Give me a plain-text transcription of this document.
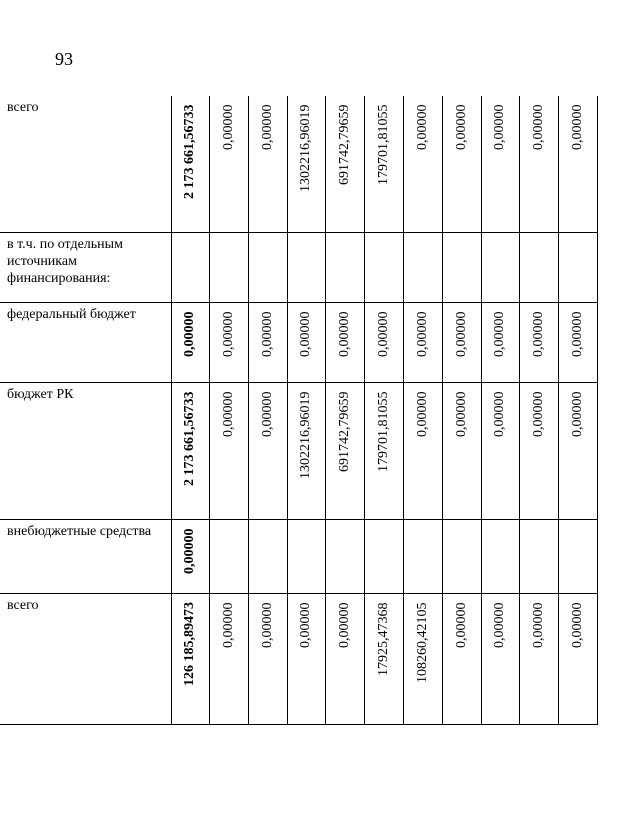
93
всего	2 173 661,56733	0,00000	0,00000	1302216,96019	691742,79659	179701,81055	0,00000	0,00000	0,00000	0,00000	0,00000

в т.ч. по отдельным источникам финансирования:	

федеральный бюджет	0,00000	0,00000	0,00000	0,00000	0,00000	0,00000	0,00000	0,00000	0,00000	0,00000	0,00000

бюджет РК	2 173 661,56733	0,00000	0,00000	1302216,96019	691742,79659	179701,81055	0,00000	0,00000	0,00000	0,00000	0,00000

внебюджетные средства	0,00000										

всего	126 185,89473	0,00000	0,00000	0,00000	0,00000	17925,47368	108260,42105	0,00000	0,00000	0,00000	0,00000
